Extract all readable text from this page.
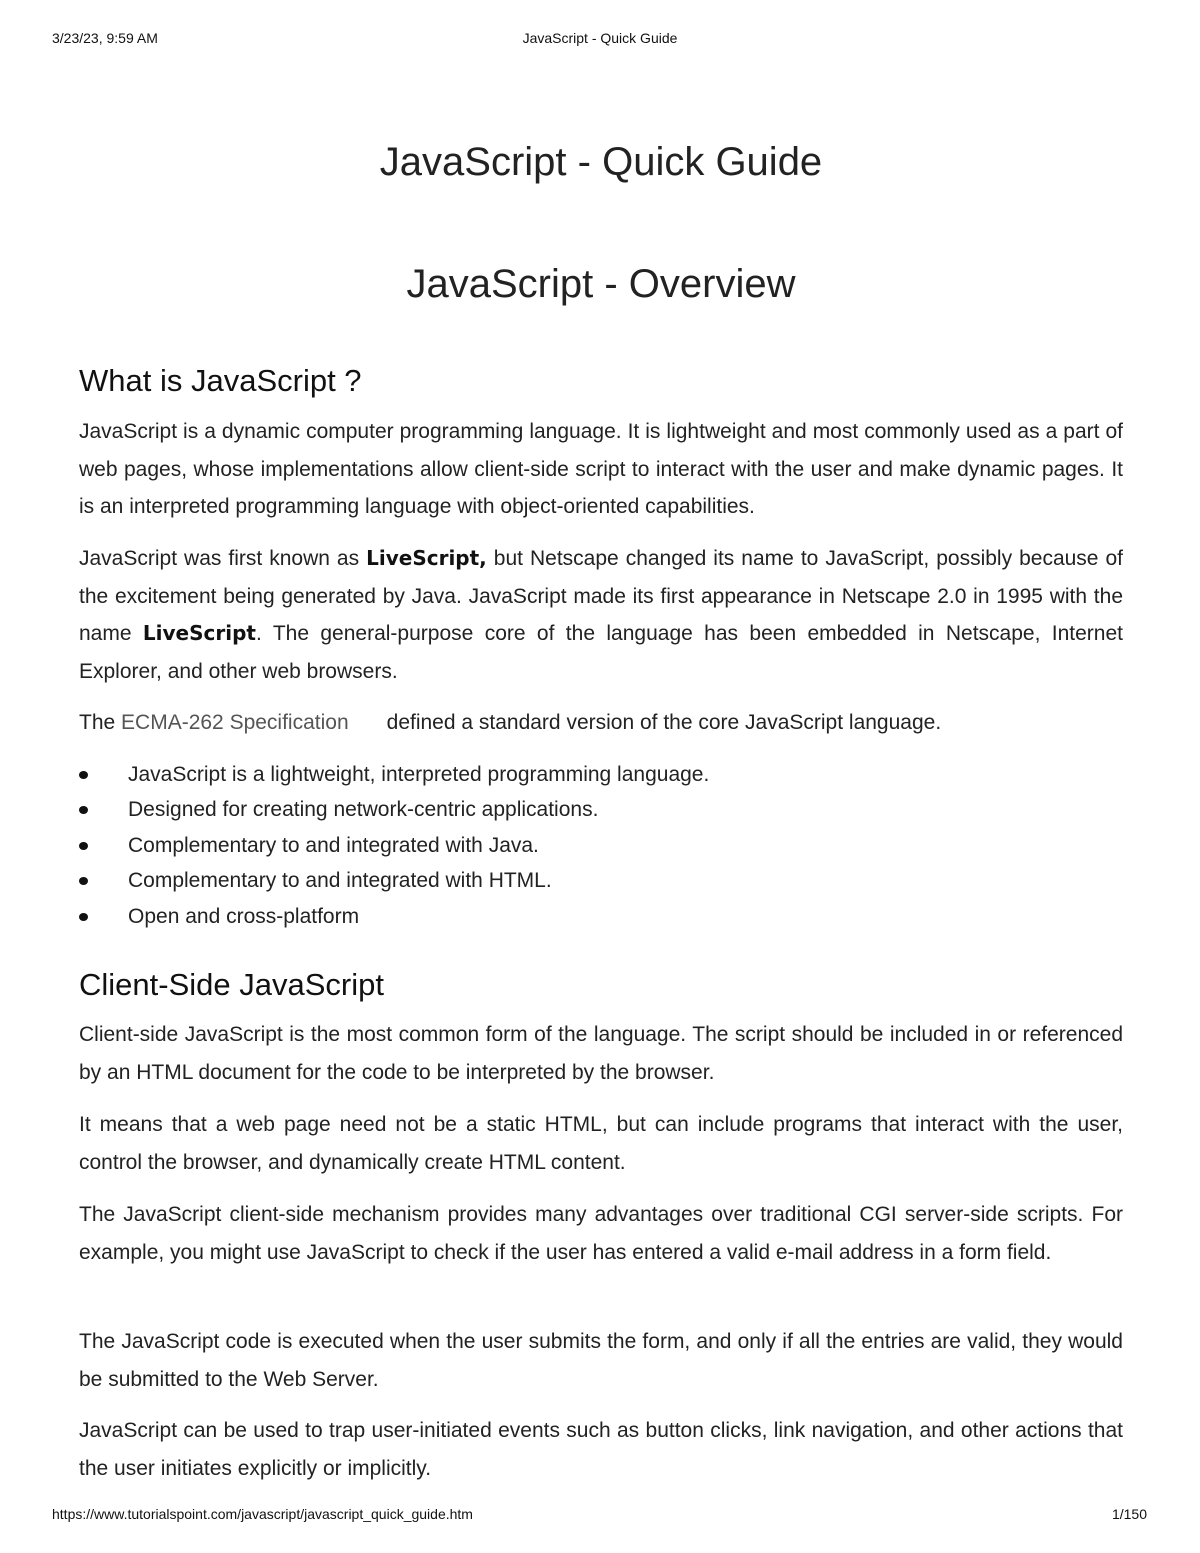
3/23/23, 9:59 AM	JavaScript - Quick Guide
JavaScript - Quick Guide
JavaScript - Overview
What is JavaScript ?

JavaScript is a dynamic computer programming language. It is lightweight and most commonly used as a part of web pages, whose implementations allow client-side script to interact with the user and make dynamic pages. It is an interpreted programming language with object-oriented capabilities.

JavaScript was first known as LiveScript, but Netscape changed its name to JavaScript, possibly because of the excitement being generated by Java. JavaScript made its first appearance in Netscape 2.0 in 1995 with the name LiveScript. The general-purpose core of the language has been embedded in Netscape, Internet Explorer, and other web browsers.

The ECMA-262 Specification defined a standard version of the core JavaScript language.

JavaScript is a lightweight, interpreted programming language.
Designed for creating network-centric applications.
Complementary to and integrated with Java.
Complementary to and integrated with HTML.
Open and cross-platform
Client-Side JavaScript

Client-side JavaScript is the most common form of the language. The script should be included in or referenced by an HTML document for the code to be interpreted by the browser.

It means that a web page need not be a static HTML, but can include programs that interact with the user, control the browser, and dynamically create HTML content.

The JavaScript client-side mechanism provides many advantages over traditional CGI server-side scripts. For example, you might use JavaScript to check if the user has entered a valid e-mail address in a form field.

The JavaScript code is executed when the user submits the form, and only if all the entries are valid, they would be submitted to the Web Server.

JavaScript can be used to trap user-initiated events such as button clicks, link navigation, and other actions that the user initiates explicitly or implicitly.

https://www.tutorialspoint.com/javascript/javascript_quick_guide.htm	1/150
